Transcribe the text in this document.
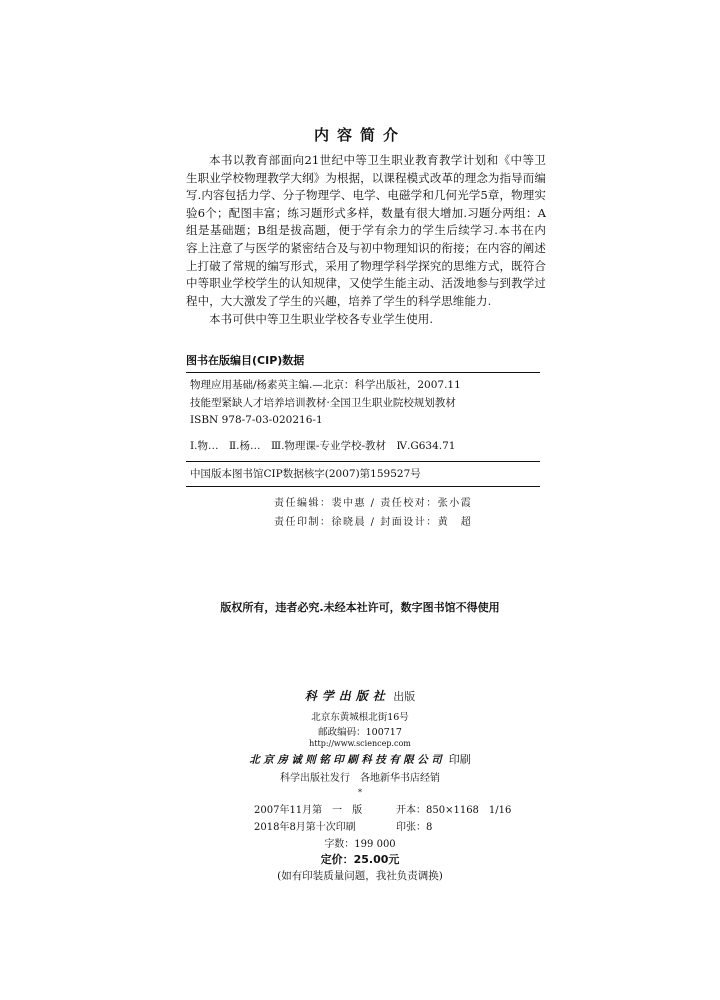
内容简介
本书以教育部面向21世纪中等卫生职业教育教学计划和《中等卫生职业学校物理教学大纲》为根据，以课程模式改革的理念为指导而编写.内容包括力学、分子物理学、电学、电磁学和几何光学5章，物理实验6个；配图丰富；练习题形式多样，数量有很大增加.习题分两组：A组是基础题；B组是拔高题，便于学有余力的学生后续学习.本书在内容上注意了与医学的紧密结合及与初中物理知识的衔接；在内容的阐述上打破了常规的编写形式，采用了物理学科学探究的思维方式，既符合中等职业学校学生的认知规律，又使学生能主动、活泼地参与到教学过程中，大大激发了学生的兴趣，培养了学生的科学思维能力.
本书可供中等卫生职业学校各专业学生使用.
图书在版编目(CIP)数据
物理应用基础/杨素英主编.—北京：科学出版社，2007.11
技能型紧缺人才培养培训教材·全国卫生职业院校规划教材
ISBN 978-7-03-020216-1
Ⅰ.物…　Ⅱ.杨…　Ⅲ.物理课-专业学校-教材　Ⅳ.G634.71
中国版本图书馆CIP数据核字(2007)第159527号
责任编辑：裴中惠 / 责任校对：张小霞
责任印制：徐晓晨 / 封面设计：黄　超
版权所有，违者必究.未经本社许可，数字图书馆不得使用
科学出版社 出版
北京东黄城根北街16号
邮政编码：100717
http://www.sciencep.com
北京房诚则铭印刷科技有限公司 印刷
科学出版社发行　各地新华书店经销
*
2007年11月第　一　版	开本：850×1168　1/16
2018年8月第十次印刷	印张：8
字数：199 000
定价：25.00元
(如有印装质量问题，我社负责调换)
